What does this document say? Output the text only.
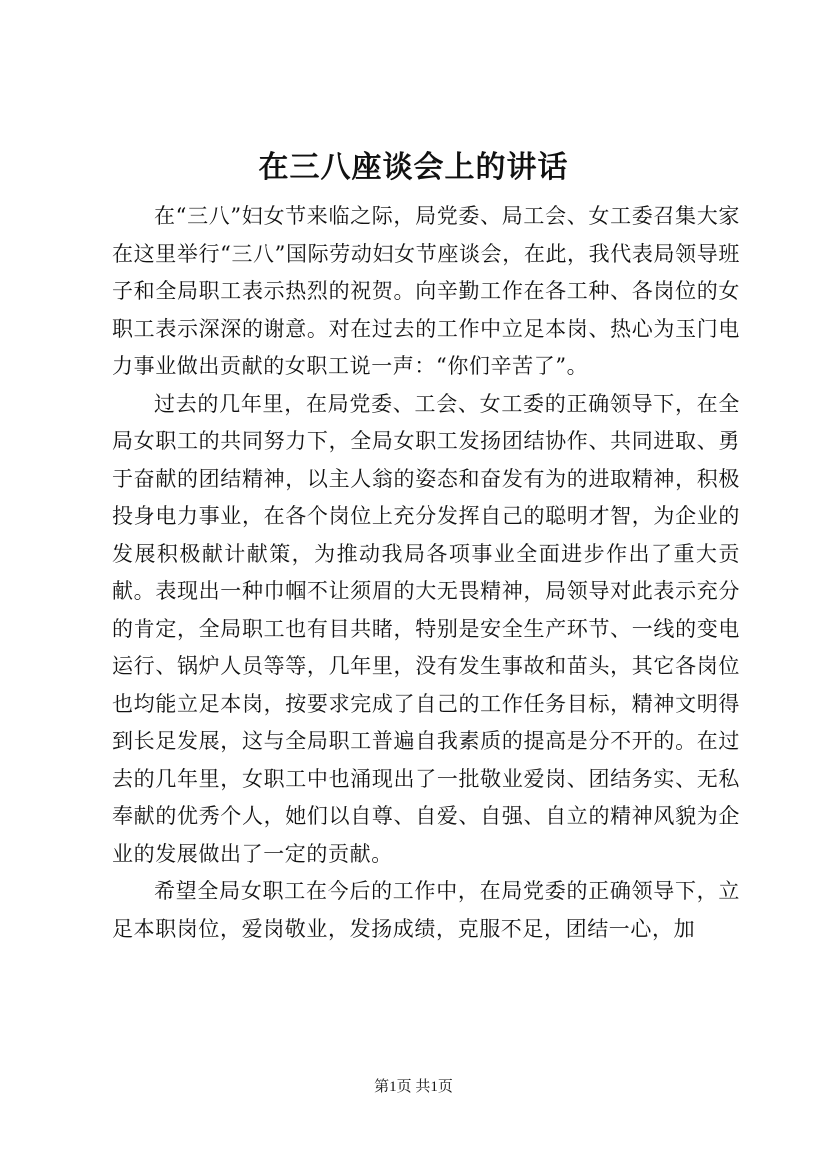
在三八座谈会上的讲话

在“三八”妇女节来临之际，局党委、局工会、女工委召集大家在这里举行“三八”国际劳动妇女节座谈会，在此，我代表局领导班子和全局职工表示热烈的祝贺。向辛勤工作在各工种、各岗位的女职工表示深深的谢意。对在过去的工作中立足本岗、热心为玉门电力事业做出贡献的女职工说一声：“你们辛苦了”。

过去的几年里，在局党委、工会、女工委的正确领导下，在全局女职工的共同努力下，全局女职工发扬团结协作、共同进取、勇于奋献的团结精神，以主人翁的姿态和奋发有为的进取精神，积极投身电力事业，在各个岗位上充分发挥自己的聪明才智，为企业的发展积极献计献策，为推动我局各项事业全面进步作出了重大贡献。表现出一种巾帼不让须眉的大无畏精神，局领导对此表示充分的肯定，全局职工也有目共睹，特别是安全生产环节、一线的变电运行、锅炉人员等等，几年里，没有发生事故和苗头，其它各岗位也均能立足本岗，按要求完成了自己的工作任务目标，精神文明得到长足发展，这与全局职工普遍自我素质的提高是分不开的。在过去的几年里，女职工中也涌现出了一批敬业爱岗、团结务实、无私奉献的优秀个人，她们以自尊、自爱、自强、自立的精神风貌为企业的发展做出了一定的贡献。

希望全局女职工在今后的工作中，在局党委的正确领导下，立足本职岗位，爱岗敬业，发扬成绩，克服不足，团结一心，加

第1页 共1页
